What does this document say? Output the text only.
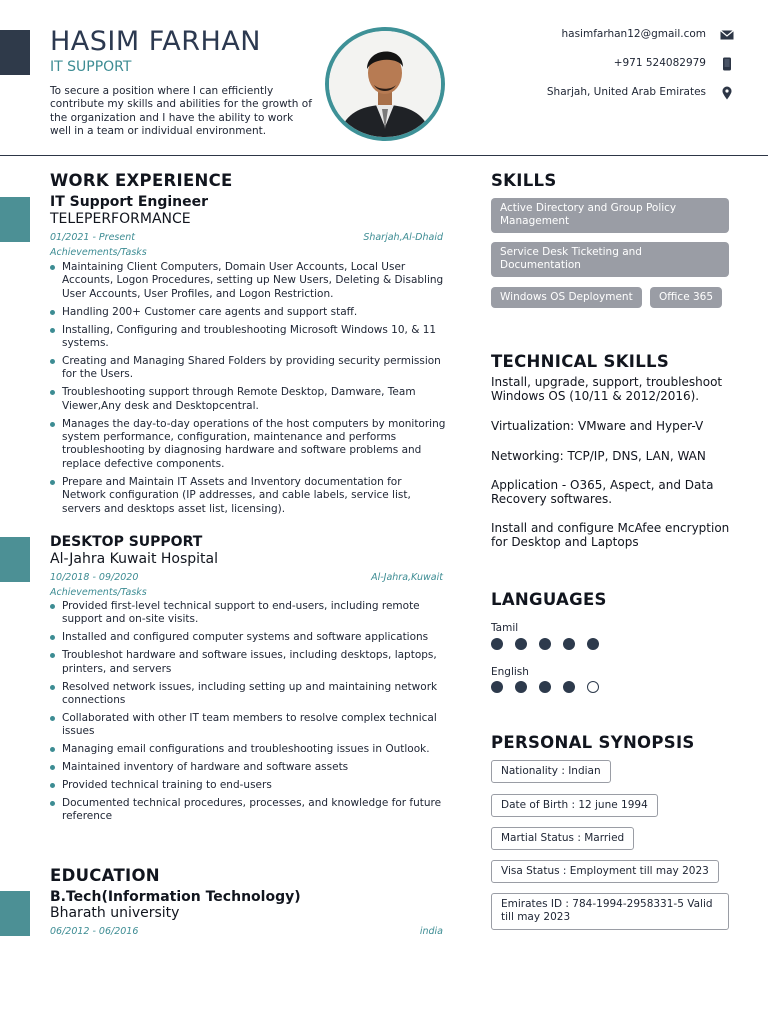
HASIM FARHAN
IT SUPPORT
To secure a position where I can efficiently contribute my skills and abilities for the growth of the organization and I have the ability to work well in a team or individual environment.
hasimfarhan12@gmail.com
+971 524082979
Sharjah, United Arab Emirates
WORK EXPERIENCE
IT Support Engineer
TELEPERFORMANCE
01/2021 - Present	Sharjah,Al-Dhaid
Achievements/Tasks
Maintaining Client Computers, Domain User Accounts, Local User Accounts, Logon Procedures, setting up New Users, Deleting & Disabling User Accounts, User Profiles, and Logon Restriction.
Handling 200+ Customer care agents and support staff.
Installing, Configuring and troubleshooting Microsoft Windows 10, & 11 systems.
Creating and Managing Shared Folders by providing security permission for the Users.
Troubleshooting support through Remote Desktop, Damware, Team Viewer,Any desk and Desktopcentral.
Manages the day-to-day operations of the host computers by monitoring system performance, configuration, maintenance and performs troubleshooting by diagnosing hardware and software problems and replace defective components.
Prepare and Maintain IT Assets and Inventory documentation for Network configuration (IP addresses, and cable labels, service list, servers and desktops asset list, licensing).
DESKTOP SUPPORT
Al-Jahra Kuwait Hospital
10/2018 - 09/2020	Al-Jahra,Kuwait
Achievements/Tasks
Provided first-level technical support to end-users, including remote support and on-site visits.
Installed and configured computer systems and software applications
Troubleshot hardware and software issues, including desktops, laptops, printers, and servers
Resolved network issues, including setting up and maintaining network connections
Collaborated with other IT team members to resolve complex technical issues
Managing email configurations and troubleshooting issues in Outlook.
Maintained inventory of hardware and software assets
Provided technical training to end-users
Documented technical procedures, processes, and knowledge for future reference
EDUCATION
B.Tech(Information Technology)
Bharath university
06/2012 - 06/2016	india
SKILLS
Active Directory and Group Policy Management
Service Desk Ticketing and Documentation
Windows OS Deployment	Office 365
TECHNICAL SKILLS
Install, upgrade, support, troubleshoot Windows OS (10/11 & 2012/2016).
Virtualization: VMware and Hyper-V
Networking: TCP/IP, DNS, LAN, WAN
Application - O365, Aspect, and Data Recovery softwares.
Install and configure McAfee encryption for Desktop and Laptops
LANGUAGES
Tamil
English
PERSONAL SYNOPSIS
Nationality : Indian
Date of Birth : 12 june 1994
Martial Status : Married
Visa Status : Employment till may 2023
Emirates ID : 784-1994-2958331-5 Valid till may 2023
